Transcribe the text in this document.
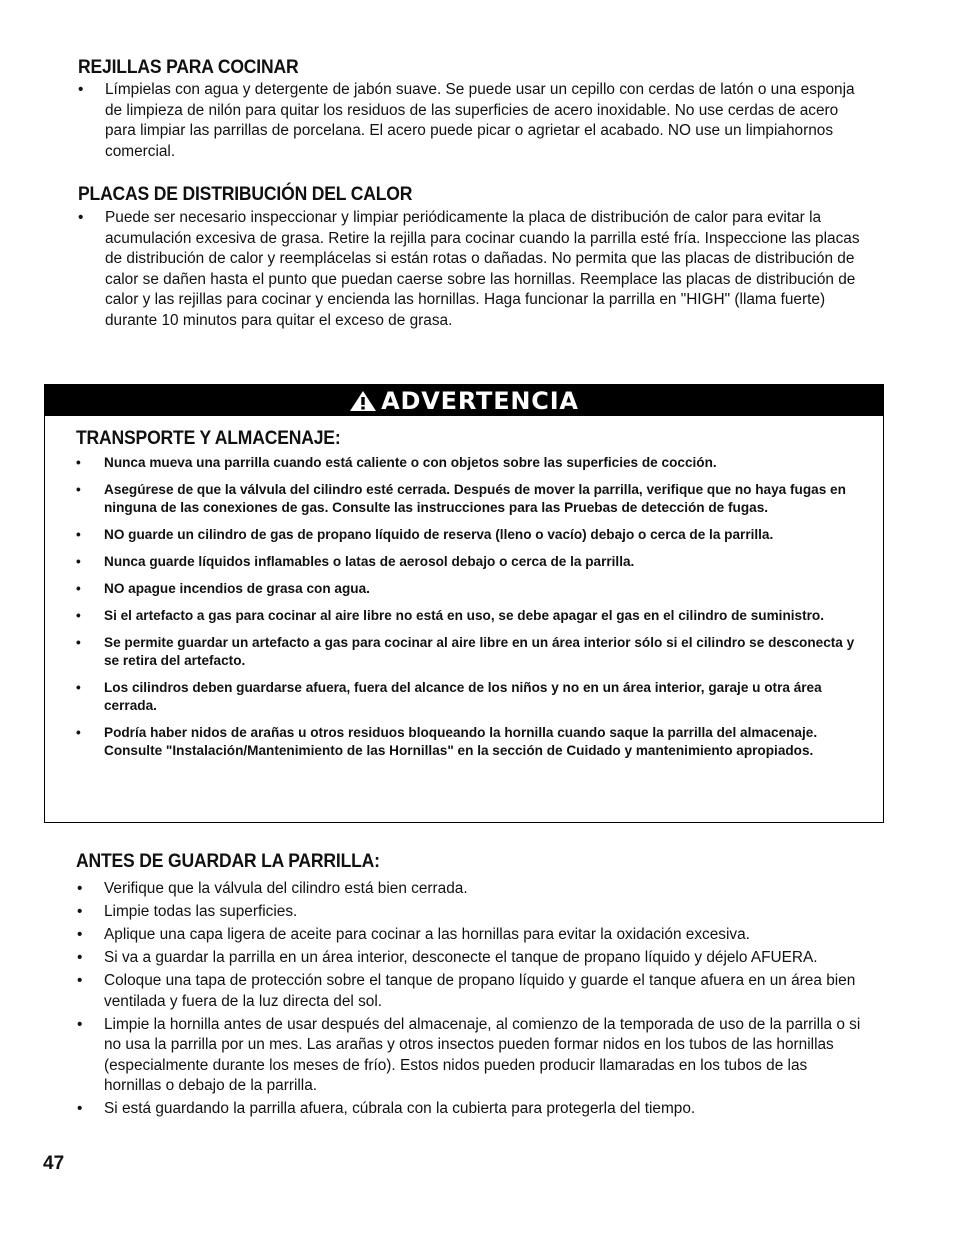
REJILLAS PARA COCINAR
• Límpielas con agua y detergente de jabón suave. Se puede usar un cepillo con cerdas de latón o una esponja de limpieza de nilón para quitar los residuos de las superficies de acero inoxidable. No use cerdas de acero para limpiar las parrillas de porcelana. El acero puede picar o agrietar el acabado. NO use un limpiahornos comercial.
PLACAS DE DISTRIBUCIÓN DEL CALOR
• Puede ser necesario inspeccionar y limpiar periódicamente la placa de distribución de calor para evitar la acumulación excesiva de grasa. Retire la rejilla para cocinar cuando la parrilla esté fría. Inspeccione las placas de distribución de calor y reemplácelas si están rotas o dañadas. No permita que las placas de distribución de calor se dañen hasta el punto que puedan caerse sobre las hornillas. Reemplace las placas de distribución de calor y las rejillas para cocinar y encienda las hornillas. Haga funcionar la parrilla en "HIGH" (llama fuerte) durante 10 minutos para quitar el exceso de grasa.
ADVERTENCIA
TRANSPORTE Y ALMACENAJE:
• Nunca mueva una parrilla cuando está caliente o con objetos sobre las superficies de cocción.
• Asegúrese de que la válvula del cilindro esté cerrada. Después de mover la parrilla, verifique que no haya fugas en ninguna de las conexiones de gas. Consulte las instrucciones para las Pruebas de detección de fugas.
• NO guarde un cilindro de gas de propano líquido de reserva (lleno o vacío) debajo o cerca de la parrilla.
• Nunca guarde líquidos inflamables o latas de aerosol debajo o cerca de la parrilla.
• NO apague incendios de grasa con agua.
• Si el artefacto a gas para cocinar al aire libre no está en uso, se debe apagar el gas en el cilindro de suministro.
• Se permite guardar un artefacto a gas para cocinar al aire libre en un área interior sólo si el cilindro se desconecta y se retira del artefacto.
• Los cilindros deben guardarse afuera, fuera del alcance de los niños y no en un área interior, garaje u otra área cerrada.
• Podría haber nidos de arañas u otros residuos bloqueando la hornilla cuando saque la parrilla del almacenaje. Consulte "Instalación/Mantenimiento de las Hornillas" en la sección de Cuidado y mantenimiento apropiados.
ANTES DE GUARDAR LA PARRILLA:
• Verifique que la válvula del cilindro está bien cerrada.
• Limpie todas las superficies.
• Aplique una capa ligera de aceite para cocinar a las hornillas para evitar la oxidación excesiva.
• Si va a guardar la parrilla en un área interior, desconecte el tanque de propano líquido y déjelo AFUERA.
• Coloque una tapa de protección sobre el tanque de propano líquido y guarde el tanque afuera en un área bien ventilada y fuera de la luz directa del sol.
• Limpie la hornilla antes de usar después del almacenaje, al comienzo de la temporada de uso de la parrilla o si no usa la parrilla por un mes. Las arañas y otros insectos pueden formar nidos en los tubos de las hornillas (especialmente durante los meses de frío). Estos nidos pueden producir llamaradas en los tubos de las hornillas o debajo de la parrilla.
• Si está guardando la parrilla afuera, cúbrala con la cubierta para protegerla del tiempo.
47
